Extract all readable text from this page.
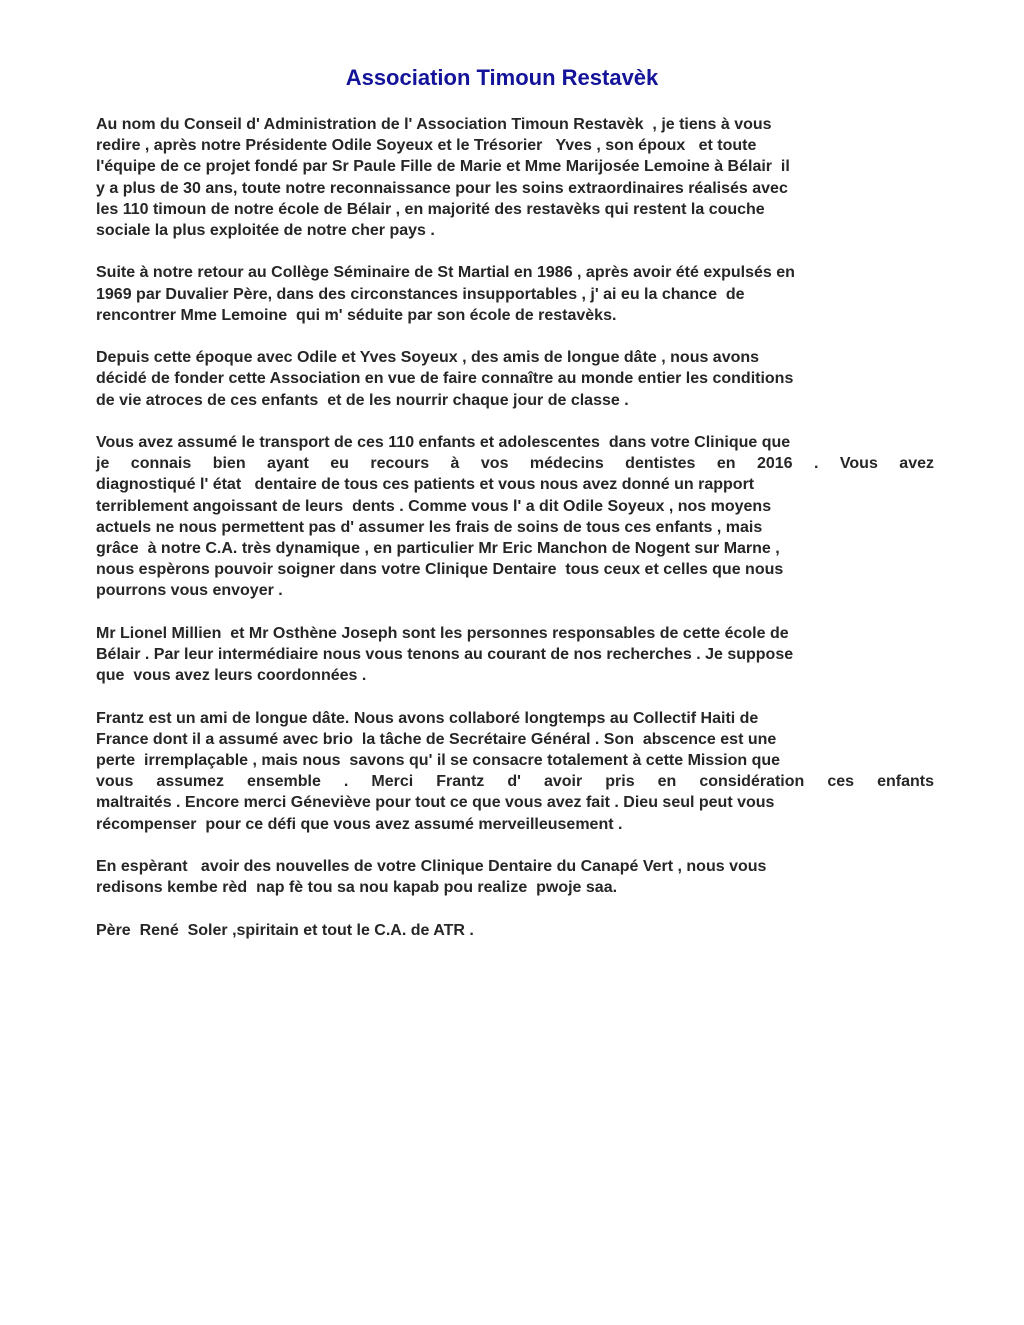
Association Timoun Restavèk

Au nom du Conseil d' Administration de l' Association Timoun Restavèk  , je tiens à vous
redire , après notre Présidente Odile Soyeux et le Trésorier   Yves , son époux   et toute
l'équipe de ce projet fondé par Sr Paule Fille de Marie et Mme Marijosée Lemoine à Bélair  il
y a plus de 30 ans, toute notre reconnaissance pour les soins extraordinaires réalisés avec
les 110 timoun de notre école de Bélair , en majorité des restavèks qui restent la couche
sociale la plus exploitée de notre cher pays .

Suite à notre retour au Collège Séminaire de St Martial en 1986 , après avoir été expulsés en
1969 par Duvalier Père, dans des circonstances insupportables , j' ai eu la chance  de
rencontrer Mme Lemoine  qui m' séduite par son école de restavèks.

Depuis cette époque avec Odile et Yves Soyeux , des amis de longue dâte , nous avons
décidé de fonder cette Association en vue de faire connaître au monde entier les conditions
de vie atroces de ces enfants  et de les nourrir chaque jour de classe .

Vous avez assumé le transport de ces 110 enfants et adolescentes  dans votre Clinique que
je connais bien ayant eu recours à vos médecins dentistes en 2016 . Vous avez
diagnostiqué l' état   dentaire de tous ces patients et vous nous avez donné un rapport
terriblement angoissant de leurs  dents . Comme vous l' a dit Odile Soyeux , nos moyens
actuels ne nous permettent pas d' assumer les frais de soins de tous ces enfants , mais
grâce  à notre C.A. très dynamique , en particulier Mr Eric Manchon de Nogent sur Marne ,
nous espèrons pouvoir soigner dans votre Clinique Dentaire  tous ceux et celles que nous
pourrons vous envoyer .

Mr Lionel Millien  et Mr Osthène Joseph sont les personnes responsables de cette école de
Bélair . Par leur intermédiaire nous vous tenons au courant de nos recherches . Je suppose
que  vous avez leurs coordonnées .

Frantz est un ami de longue dâte. Nous avons collaboré longtemps au Collectif Haiti de
France dont il a assumé avec brio  la tâche de Secrétaire Général . Son  abscence est une
perte  irremplaçable , mais nous  savons qu' il se consacre totalement à cette Mission que
vous assumez ensemble . Merci Frantz d' avoir pris en considération ces enfants
maltraités . Encore merci Génevièvе pour tout ce que vous avez fait . Dieu seul peut vous
récompenser  pour ce défi que vous avez assumé merveilleusement .

En espèrant   avoir des nouvelles de votre Clinique Dentaire du Canapé Vert , nous vous
redisons kembe rèd  nap fè tou sa nou kapab pou realize  pwoje saa.

Père  René  Soler ,spiritain et tout le C.A. de ATR .
